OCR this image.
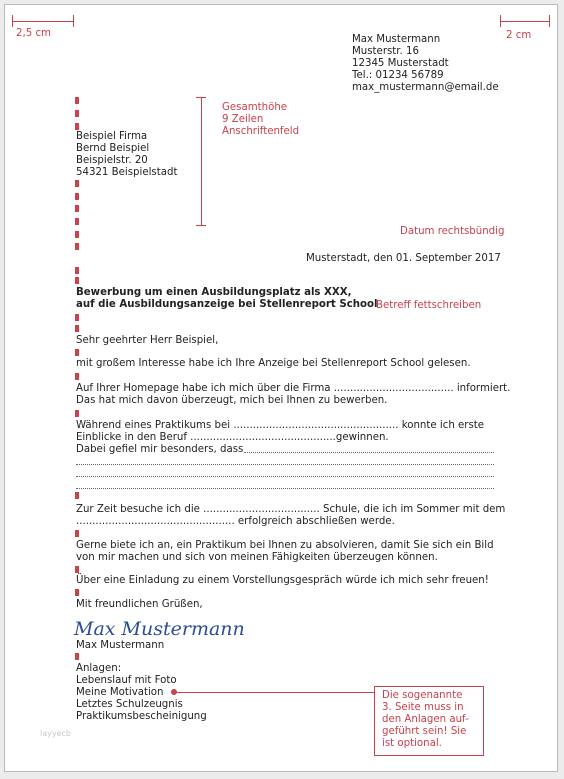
2,5 cm	2 cm
Max Mustermann
Musterstr. 16
12345 Musterstadt
Tel.: 01234 56789
max_mustermann@email.de
Beispiel Firma
Bernd Beispiel
Beispielstr. 20
54321 Beispielstadt
Gesamthöhe
9 Zeilen
Anschriftenfeld
Datum rechtsbündig
Musterstadt, den 01. September 2017
Bewerbung um einen Ausbildungsplatz als XXX,
auf die Ausbildungsanzeige bei Stellenreport School
Betreff fettschreiben
Sehr geehrter Herr Beispiel,
mit großem Interesse habe ich Ihre Anzeige bei Stellenreport School gelesen.
Auf Ihrer Homepage habe ich mich über die Firma ..................................... informiert.
Das hat mich davon überzeugt, mich bei Ihnen zu bewerben.
Während eines Praktikums bei ................................................... konnte ich erste
Einblicke in den Beruf .............................................gewinnen.
Dabei gefiel mir besonders, dass
Zur Zeit besuche ich die .................................... Schule, die ich im Sommer mit dem
................................................. erfolgreich abschließen werde.
Gerne biete ich an, ein Praktikum bei Ihnen zu absolvieren, damit Sie sich ein Bild
von mir machen und sich von meinen Fähigkeiten überzeugen können.
Über eine Einladung zu einem Vorstellungsgespräch würde ich mich sehr freuen!
Mit freundlichen Grüßen,
Max Mustermann
Max Mustermann
Anlagen:
Lebenslauf mit Foto
Meine Motivation
Letztes Schulzeugnis
Praktikumsbescheinigung
Die sogenannte
3. Seite muss in
den Anlagen auf-
geführt sein! Sie
ist optional.
layyecb
